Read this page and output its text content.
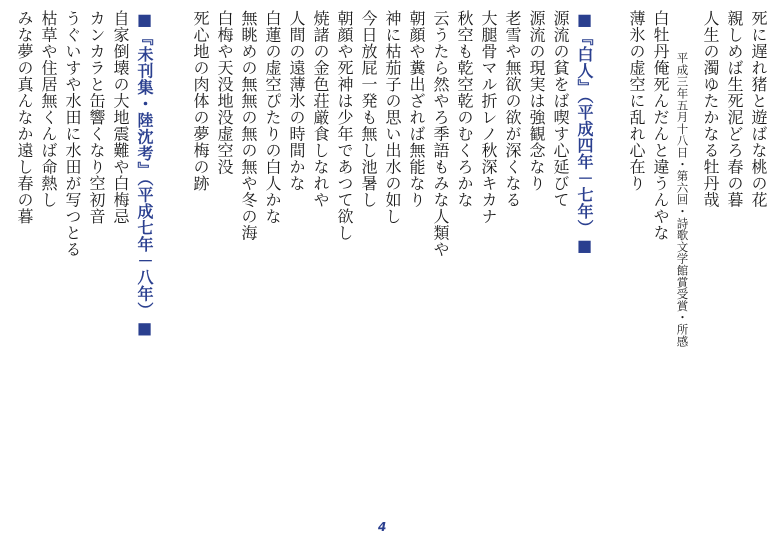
死に遅れ猪と遊ばな桃の花
親しめば生死泥どろ春の暮
人生の濁ゆたかなる牡丹哉
平成三年五月十八日・第六回・詩歌文学館賞受賞・所感
白牡丹俺死んだんと違うんやな
薄氷の虚空に乱れ心在り
■『白人』（平成四年－七年）■
源流の貧をば喫す心延びて
源流の現実は強観念なり
老雪や無欲の欲が深くなる
大腿骨マル折レノ秋深キカナ
秋空も乾空乾のむくろかな
云うたら然やろ季語もみな人類や
朝顔や糞出ざれば無能なり
神に枯茄子の思い出水の如し
今日放屁一発も無し池暑し
朝顔や死神は少年であつて欲し
焼諸の金色荘厳食しなれや
人間の遠薄氷の時間かな
白蓮の虚空ぴたりの白人かな
無眺めの無無の無の無や冬の海
白梅や天没地没虚空没
死心地の肉体の夢梅の跡
■『未刊集・陸沈考』（平成七年－八年）■
自家倒壊の大地震難や白梅忌
カンカラと缶響くなり空初音
うぐいすや水田に水田が写つとる
枯草や住居無くんば命熱し
みな夢の真んなか遠し春の暮
4
